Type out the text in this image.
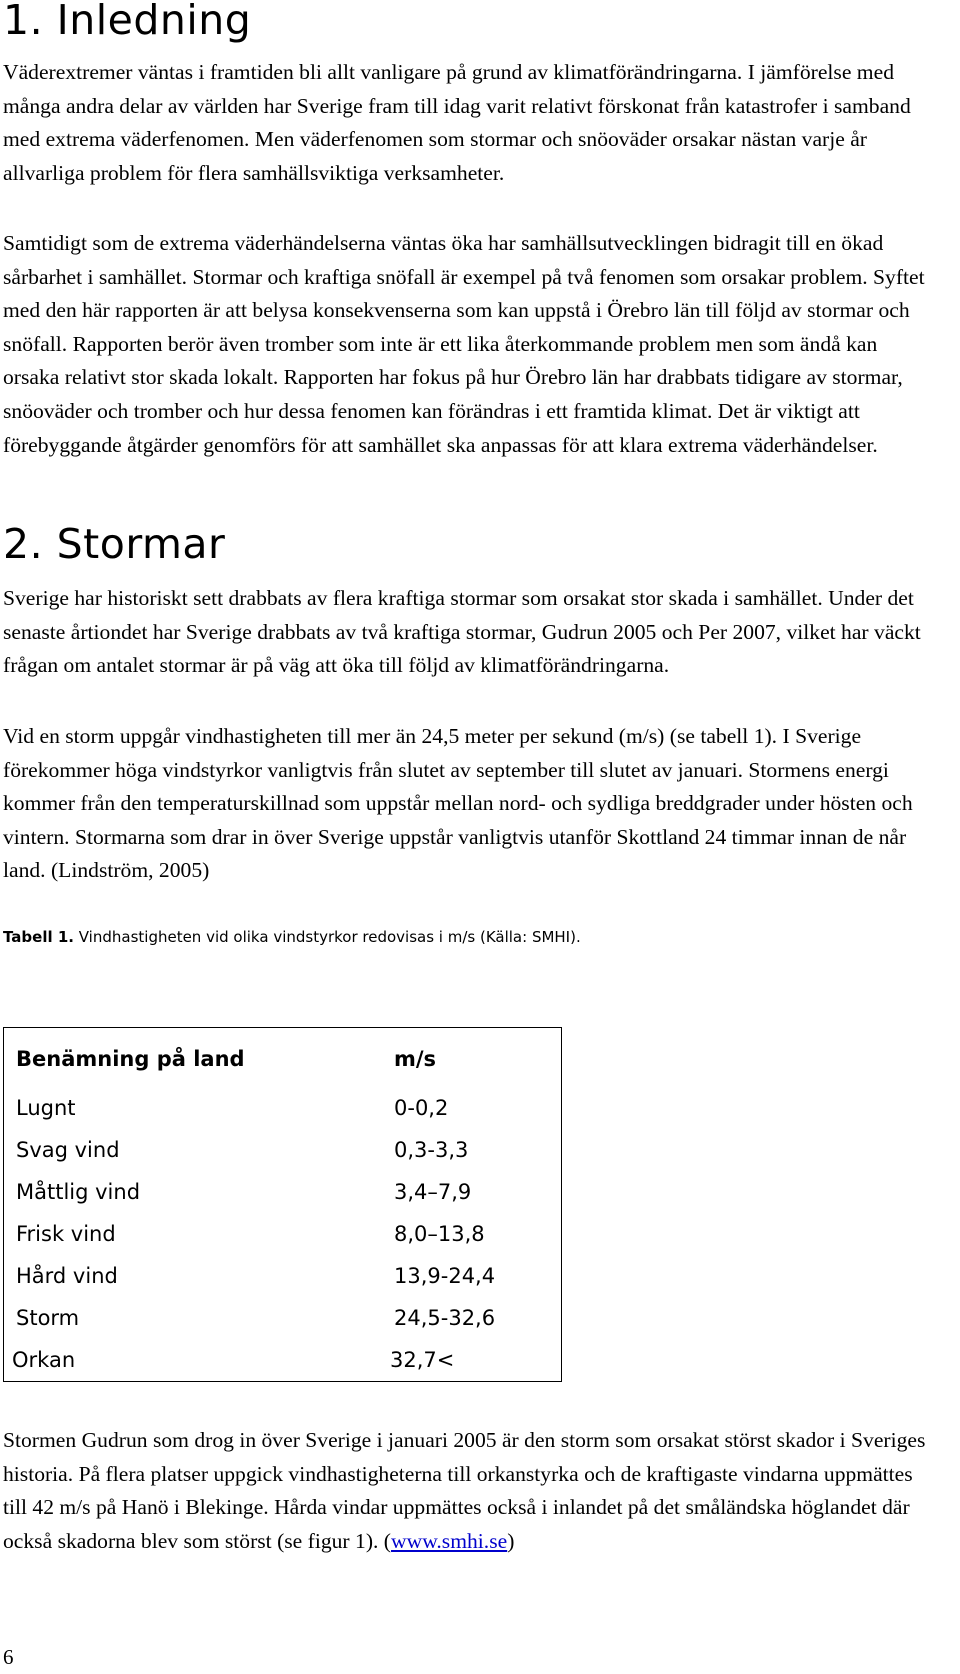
1. Inledning

Väderextremer väntas i framtiden bli allt vanligare på grund av klimatförändringarna. I jämförelse med många andra delar av världen har Sverige fram till idag varit relativt förskonat från katastrofer i samband med extrema väderfenomen. Men väderfenomen som stormar och snöoväder orsakar nästan varje år allvarliga problem för flera samhällsviktiga verksamheter.

Samtidigt som de extrema väderhändelserna väntas öka har samhällsutvecklingen bidragit till en ökad sårbarhet i samhället. Stormar och kraftiga snöfall är exempel på två fenomen som orsakar problem. Syftet med den här rapporten är att belysa konsekvenserna som kan uppstå i Örebro län till följd av stormar och snöfall. Rapporten berör även tromber som inte är ett lika återkommande problem men som ändå kan orsaka relativt stor skada lokalt. Rapporten har fokus på hur Örebro län har drabbats tidigare av stormar, snöoväder och tromber och hur dessa fenomen kan förändras i ett framtida klimat. Det är viktigt att förebyggande åtgärder genomförs för att samhället ska anpassas för att klara extrema väderhändelser.

2. Stormar

Sverige har historiskt sett drabbats av flera kraftiga stormar som orsakat stor skada i samhället. Under det senaste årtiondet har Sverige drabbats av två kraftiga stormar, Gudrun 2005 och Per 2007, vilket har väckt frågan om antalet stormar är på väg att öka till följd av klimatförändringarna.

Vid en storm uppgår vindhastigheten till mer än 24,5 meter per sekund (m/s) (se tabell 1). I Sverige förekommer höga vindstyrkor vanligtvis från slutet av september till slutet av januari. Stormens energi kommer från den temperaturskillnad som uppstår mellan nord- och sydliga breddgrader under hösten och vintern. Stormarna som drar in över Sverige uppstår vanligtvis utanför Skottland 24 timmar innan de når land. (Lindström, 2005)

Tabell 1. Vindhastigheten vid olika vindstyrkor redovisas i m/s (Källa: SMHI).

Benämning på land	m/s
Lugnt	0-0,2
Svag vind	0,3-3,3
Måttlig vind	3,4–7,9
Frisk vind	8,0–13,8
Hård vind	13,9-24,4
Storm	24,5-32,6
Orkan	32,7<

Stormen Gudrun som drog in över Sverige i januari 2005 är den storm som orsakat störst skador i Sveriges historia. På flera platser uppgick vindhastigheterna till orkanstyrka och de kraftigaste vindarna uppmättes till 42 m/s på Hanö i Blekinge. Hårda vindar uppmättes också i inlandet på det småländska höglandet där också skadorna blev som störst (se figur 1). (www.smhi.se)

6
